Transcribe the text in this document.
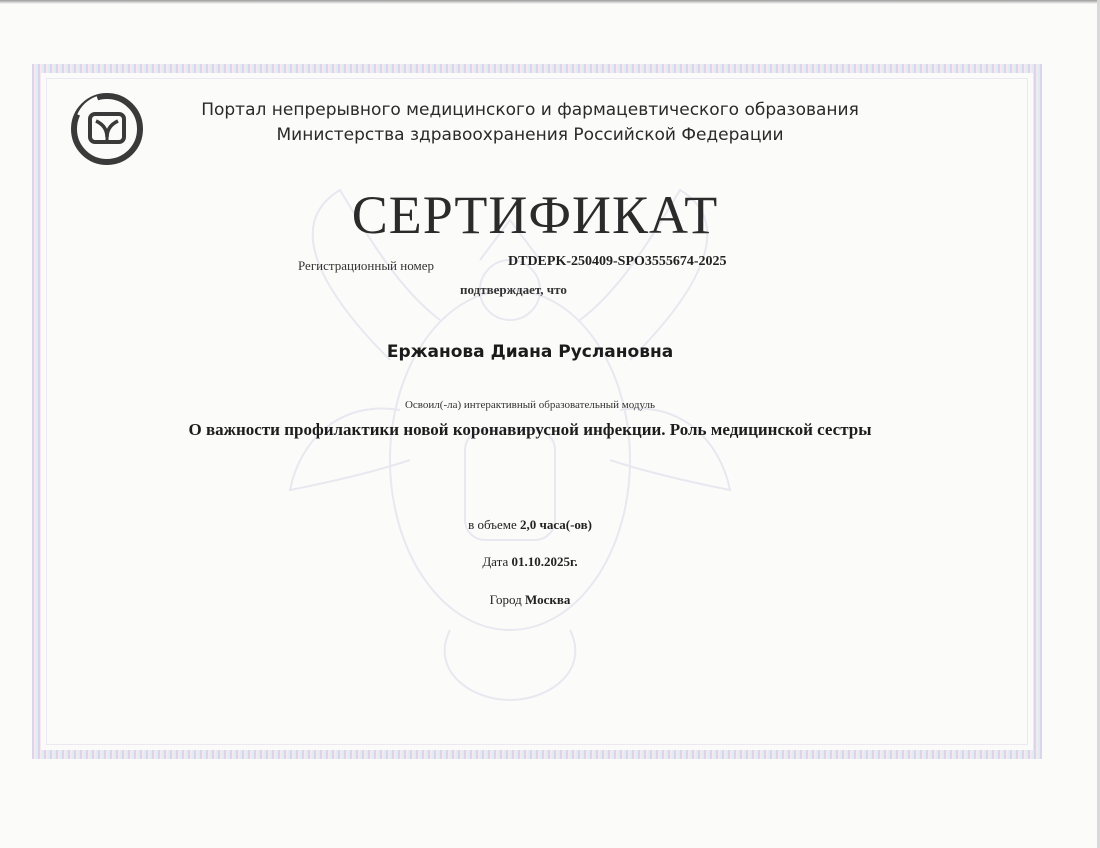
Портал непрерывного медицинского и фармацевтического образования
Министерства здравоохранения Российской Федерации
СЕРТИФИКАТ
Регистрационный номер	DTDEPK-250409-SPO3555674-2025
подтверждает, что
Ержанова Диана Руслановна
Освоил(-ла) интерактивный образовательный модуль
О важности профилактики новой коронавирусной инфекции. Роль медицинской сестры
в объеме 2,0 часа(-ов)
Дата 01.10.2025г.
Город Москва
